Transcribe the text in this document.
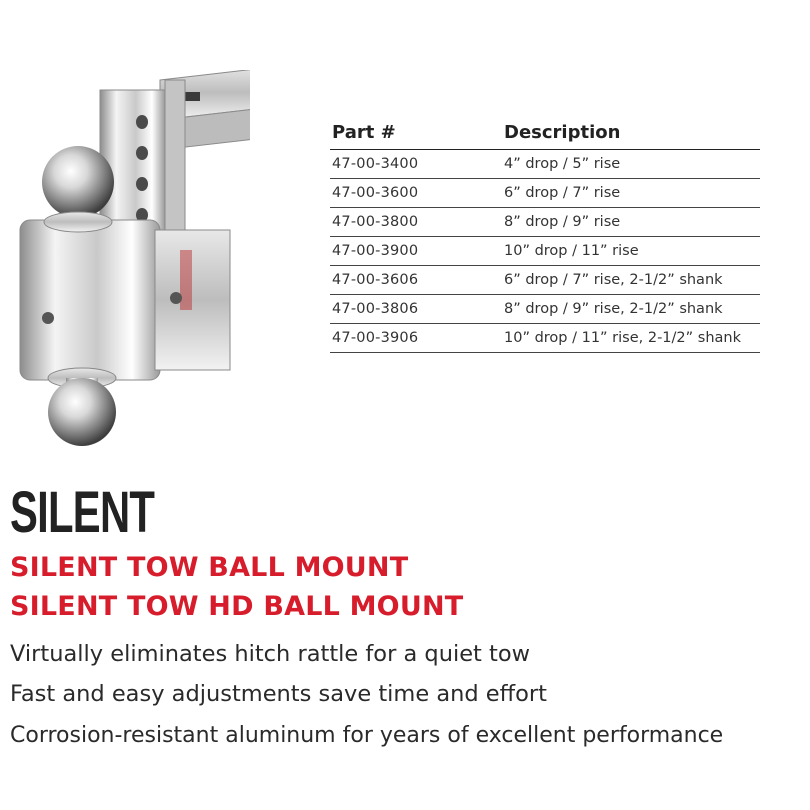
Part #	Description
47-00-3400	4” drop / 5” rise
47-00-3600	6” drop / 7” rise
47-00-3800	8” drop / 9” rise
47-00-3900	10” drop / 11” rise
47-00-3606	6” drop / 7” rise, 2-1/2” shank
47-00-3806	8” drop / 9” rise, 2-1/2” shank
47-00-3906	10” drop / 11” rise, 2-1/2” shank
SILENT
SILENT TOW BALL MOUNT
SILENT TOW HD BALL MOUNT
Virtually eliminates hitch rattle for a quiet tow
Fast and easy adjustments save time and effort
Corrosion-resistant aluminum for years of excellent performance
